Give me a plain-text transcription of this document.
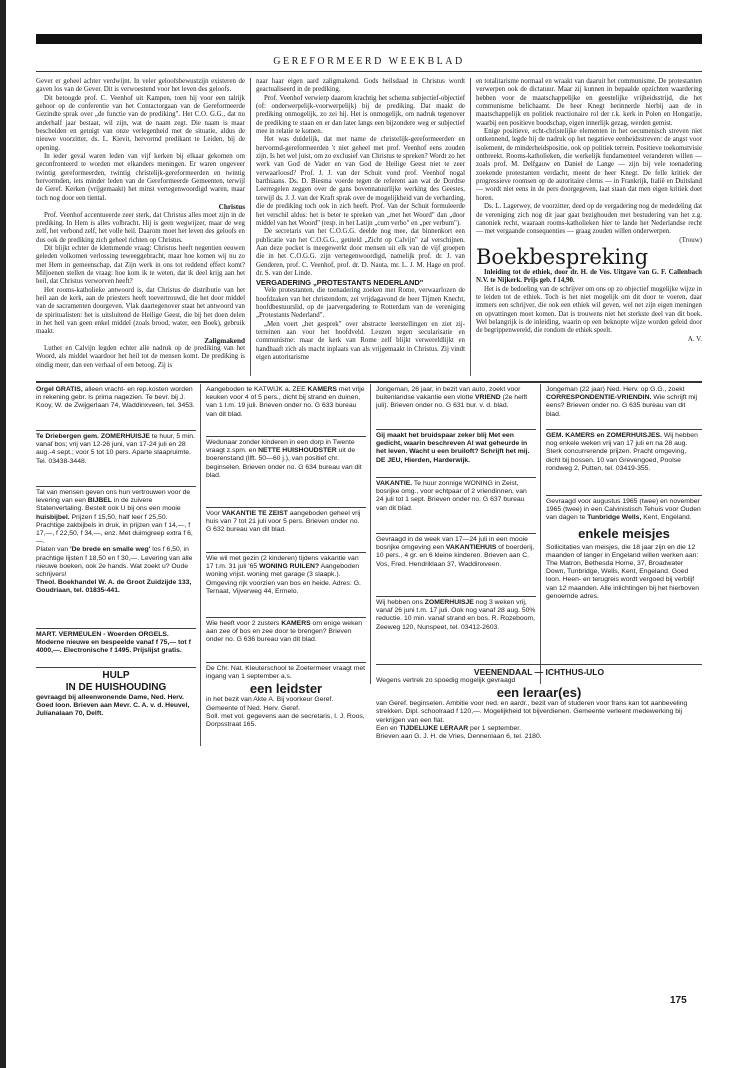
GEREFORMEERD WEEKBLAD

Gever er geheel achter verdwijnt. In veler geloofsbewustzijn existeren de gaven los van de Gever. Dit is verwoestend voor het leven des geloofs.

Dit betoogde prof. C. Veenhof uit Kampen, toen hij voor een talrijk gehoor op de conferentie van het Contactorgaan van de Gereformeerde Gezindte sprak over „de functie van de prediking". Het C.O. G.G., dat nu anderhalf jaar bestaat, wil zijn, wat de naam zegt. Die naam is maar bescheiden en getuigt van onze verlegenheid met de situatie, aldus de nieuwe voorzitter, ds. L. Kievit, hervormd predikant te Leiden, bij de opening.

In ieder geval waren leden van vijf kerken bij elkaar gekomen om geconfronteerd te worden met elkanders meningen. Er waren ongeveer twintig gereformeerden, twintig christelijk-gereformeerden en twintig hervormden, iets minder leden van de Gereformeerde Gemeenten, terwijl de Geref. Kerken (vrijgemaakt) het minst vertegenwoordigd waren, maar toch nog door een tiental.

Christus

Prof. Veenhof accentueerde zeer sterk, dat Christus alles moet zijn in de prediking. In Hem is alles volbracht. Hij is geen wegwijzer, maar de weg zelf, het verbond zelf, het volle heil. Daarom moet het leven des geloofs en dus ook de prediking zich geheel richten op Christus.

Dit blijkt echter de klemmende vraag: Christus heeft negentien eeuwen geleden volkomen verlossing teweeggebracht, maar hoe komen wij nu zo met Hem in gemeenschap, dat Zijn werk in ons tot reddend effect komt? Miljoenen stellen de vraag: hoe kom ik te weten, dat ik deel krijg aan het heil, dat Christus verworven heeft?

Het rooms-katholieke antwoord is, dat Christus de distributie van het heil aan de kerk, aan de priesters heeft toevertrouwd, die het door middel van de sacramenten doorgeven. Vlak daartegenover staat het antwoord van de spiritualisten: het is uitsluitend de Heilige Geest, die bij het doen delen in het heil van geen enkel middel (zoals brood, water, een Boek), gebruik maakt.

Zaligmakend

Luther en Calvijn legden echter alle nadruk op de prediking van het Woord, als middel waardoor het heil tot de mensen komt. De prediking is eindig meer, dan een verhaal of een betoog. Zij is

naar haar eigen aard zaligmakend. Gods heilsdaad in Christus wordt geactualiseerd in de prediking.

Prof. Veenhof verwierp daarom krachtig het schema subjectief-objectief (of: onderwerpelijk-voorwerpelijk) bij de prediking. Dat maakt de prediking onmogelijk, zo zei hij. Het is onmogelijk, om nadruk tegenover de prediking te staan en er dan later langs een bijzondere weg er subjectief mee in relatie te komen.

Het was duidelijk, dat met name de christelijk-gereformeerden en hervormd-gereformeerden 't niet geheel met prof. Veenhof eens zouden zijn. Is het wel juist, om zo exclusief van Christus te spreken? Wordt zo het werk van God de Vader en van God de Heilige Geest niet te zeer verwaarloosd? Prof. J. J. van der Schuit vond prof. Veenhof nogal barthiaans. Ds. D. Biesma voerde tegen de referent aan wat de Dordtse Leerregelen zeggen over de gans bovennatuurlijke werking des Geestes, terwijl ds. J. J. van der Kraft sprak over de mogelijkheid van de verharding, die de prediking toch ook in zich heeft. Prof. Van der Schuit formuleerde het verschil aldus: het is beter te spreken van „met het Woord" dan „door middel van het Woord" (resp. in het Latijn „cum verbo" en „per verbum").

De secretaris van het C.O.G.G. deelde nog mee, dat binnenkort een publicatie van het C.O.G.G., getiteld „Zicht op Calvijn" zal verschijnen. Aan deze pocket is meegewerkt door mensen uit elk van de vijf groepen die in het C.O.G.G. zijn vertegenwoordigd, namelijk prof. dr. J. van Genderen, prof. C. Veenhof, prof. dr. D. Nauta, mr. L. J. M. Hage en prof. dr. S. van der Linde.

VERGADERING „PROTESTANTS NEDERLAND"

Vele protestanten, die toenadering zoeken met Rome, verwaarlozen de hoofdzaken van het christendom, zei vrijdagavond de heer Tijmen Knecht, hoofdbestuurslid, op de jaarvergadering te Rotterdam van de vereniging „Protestants Nederland".

„Men voert „het gesprek" over abstracte leerstellingen en ziet zij-terreinen aan voor het hoofdveld. Leuzen tegen secularisatie en communisme: maar de kerk van Rome zelf blijkt verwereldlijkt en handhaaft zich als macht inplaats van als vrijgemaakt in Christus. Zij vindt eigen autoritarisme

en totalitarisme normaal en wraakt van daaruit het communisme. De protestanten verwerpen ook de dictatuur. Maar zij kunnen in bepaalde opzichten waardering hebben voor de maatschappelijke en geestelijke vrijheidsstrijd, die het communisme belichaamt. De heer Knegt herinnerde hierbij aan de in maatschappelijk en politiek reactionaire rol der r.k. kerk in Polen en Hongarije, waarbij een positieve boodschap, eigen innerlijk gezag, werden gemist.

Enige positieve, echt-christelijke elementen in het oecumenisch streven niet ontkennend, legde hij de nadruk op het negatieve eenheidsstreven: de angst voor isolement, de minderheidspositie, ook op politiek terrein. Positieve toekomstvisie ontbreekt. Rooms-katholieken, die werkelijk fundamenteel veranderen willen — zoals prof. M. Delfgauw en Daniel de Lange — zijn bij vele toenadering zoekende protestanten verdacht, meent de heer Knegt. De felle kritiek der progressieve roomsen op de autoritaire clerus — in Frankrijk, Italië en Duitsland — wordt niet eens in de pers doorgegeven, laat staan dat men eigen kritiek doet horen.

Ds. L. Lagerwey, de voorzitter, deed op de vergadering nog de mededeling dat de vereniging zich nog dit jaar gaat bezighouden met bestudering van het z.g. canoniek recht, waaraan rooms-katholieken hier te lande het Nederlandse recht — met vergaande consequenties — graag zouden willen onderwerpen.

(Trouw)

Boekbespreking

Inleiding tot de ethiek, door dr. H. de Vos. Uitgave van G. F. Callenbach N.V. te Nijkerk. Prijs geb. f 14,90.

Het is de bedoeling van de schrijver om ons op zo objectief mogelijke wijze in te leiden tot de ethiek. Toch is het niet mogelijk om dit door te voeren, daar immers een schrijver, die ook een ethiek wil geven, wel net zijn eigen meningen en opvattingen moet komen. Dat is trouwens niet het sterkste deel van dit boek. Wel belangrijk is de inleiding, waarin op een beknopte wijze worden geleid door de begrippenwereld, die rondom de ethiek speelt.

A. V.

Orgel GRATIS, alleen vracht- en rep.kosten worden in rekening gebr. Is prima nagezien. Te bevr. bij J. Kooy, W. de Zwijgerlaan 74, Waddinxveen, tel. 3453.

Te Driebergen gem. ZOMERHUISJE te huur, 5 min. vanaf bos; vrij van 12-26 juni, van 17-24 juli en 28 aug.-4 sept.; voor 5 tot 10 pers. Aparte slaapruimte. Tel. 03438-3448.

Tal van mensen geven ons hun vertrouwen voor de levering van een BIJBEL in de zuivere Statenvertaling. Bestelt ook U bij ons een mooie huisbijbel. Prijzen f 15,50, half leer f 25,50. Prachtige zakbijbels in druk, in prijzen van f 14,—, f 17,—, f 22,50, f 34,—, enz. Met duimgreep extra f 6,—.

Platen van 'De brede en smalle weg' los f 6,50, in prachtige lijsten f 18,50 en f 30,—. Levering van alle nieuwe boeken, ook 2e hands. Wat zoekt u? Oude schrijvers!

Theol. Boekhandel W. A. de Groot Zuidzijde 133, Goudriaan, tel. 01835-441.

MART. VERMEULEN - Woerden ORGELS. Moderne nieuwe en bespeelde vanaf f 75,— tot f 4000,—. Electronische f 1495. Prijslijst gratis.

HULP

IN DE HUISHOUDING

gevraagd bij alleenwonende Dame, Ned. Herv. Goed loon. Brieven aan Mevr. C. A. v. d. Heuvel, Julianalaan 70, Delft.

Aangeboden te KATWIJK a. ZEE KAMERS met vrije keuken voor 4 of 5 pers., dicht bij strand en duinen, van 1 t.m. 19 juli. Brieven onder no. G 633 bureau van dit blad.

Wedunaar zonder kinderen in een dorp in Twente vraagt z.spm. en NETTE HUISHOUDSTER uit de boerenstand (llft. 50—60 j.), van positief chr. beginselen. Brieven onder no. G 634 bureau van dit blad.

Voor VAKANTIE TE ZEIST aangeboden geheel vrij huis van 7 tot 21 juli voor 5 pers. Brieven onder no. G 632 bureau van dit blad.

Wie wil met gezin (2 kinderen) tijdens vakantie van 17 t.m. 31 juli '65 WONING RUILEN? Aangeboden woning vrijst. woning met garage (3 slaapk.). Omgeving rijk voorzien van bos en heide. Adres: G. Ternaat, Vijverweg 44, Ermelo.

Wie heeft voor 2 zusters KAMERS om enige weken aan zee of bos en zee door te brengen? Brieven onder no. G 636 bureau van dit blad.

De Chr. Nat. Kleuterschool te Zoetermeer vraagt met ingang van 1 september a.s.

een leidster

in het bezit van Akte A. Bij voorkeur Geref. Gemeente of Ned. Herv. Geref.

Soll. met vol. gegevens aan de secretaris, I. J. Roos, Dorpsstraat 165.

Jongeman, 26 jaar, in bezit van auto, zoekt voor buitenlandse vakantie een vlotte VRIEND (2e helft juli). Brieven onder no. G 631 bur. v. d. blad.

Gij maakt het bruidspaar zeker blij Met een gedicht, waarin beschreven Al wat geheurde in het leven. Wacht u een bruiloft? Schrijft het mij. DE JEU, Hierden, Harderwijk.

VAKANTIE. Te huur zonnige WONING in Zeist, bosrijke omg., voor echtpaar of 2 vriendinnen, van 24 juli tot 1 sept. Brieven onder no. G 637 bureau van dit blad.

Gevraagd in de week van 17—24 juli in een mooie bosrijke omgeving een VAKANTIEHUIS of boerderij, 10 pers., 4 gr. en 6 kleine kinderen. Brieven aan C. Vos, Fred. Hendriklaan 37, Waddinxveen.

Wij hebben ons ZOMERHUISJE nog 3 weken vrij, vanaf 26 juni t.m. 17 juli. Ook nog vanaf 28 aug. 50% reductie. 10 min. vanaf strand en bos. R. Rozeboom, Zeeweg 120, Nunspeet, tel. 03412-2603.

Jongeman (22 jaar) Ned. Herv. op G.G., zoekt CORRESPONDENTIE-VRIENDIN. Wie schrijft mij eens? Brieven onder no. G 635 bureau van dit blad.

GEM. KAMERS en ZOMERHUISJES. Wij hebben nog enkele weken vrij van 17 juli en na 28 aug. Sterk concurrerende prijzen. Pracht omgeving, dicht bij bossen. 10 van Grevengoed, Poolse rondweg 2, Putten, tel. 03419-355.

Gevraagd voor augustus 1965 (twee) en november 1965 (twee) in een Calvinistisch Tehuis voor Ouden van dagen te Tunbridge Wells, Kent, Engeland.

enkele meisjes

Sollicitaties van meisjes, die 18 jaar zijn en die 12 maanden of langer in Engeland willen werken aan: The Matron, Bethesda Home, 37, Broadwater Down, Tunbridge, Wells, Kent, Engeland. Goed loon. Heen- en terugreis wordt vergoed bij verblijf van 12 maanden. Alle inlichtingen bij het hierboven genoemde adres.

VEENENDAAL — ICHTHUS-ULO

Wegens vertrek zo spoedig mogelijk gevraagd

een leraar(es)

van Geref. beginselen. Ambitie voor ned. en aardr., bezit van of studeren voor frans kan tot aanbeveling strekken. Dipl. schoolraad f 120,—. Mogelijkheid tot bijverdienen. Gemeente verleent medewerking bij verkrijgen van een flat.

Een en TIJDELIJKE LERAAR per 1 september.

Brieven aan G. J. H. de Vries, Dennenlaan 6, tel. 2180.

175
